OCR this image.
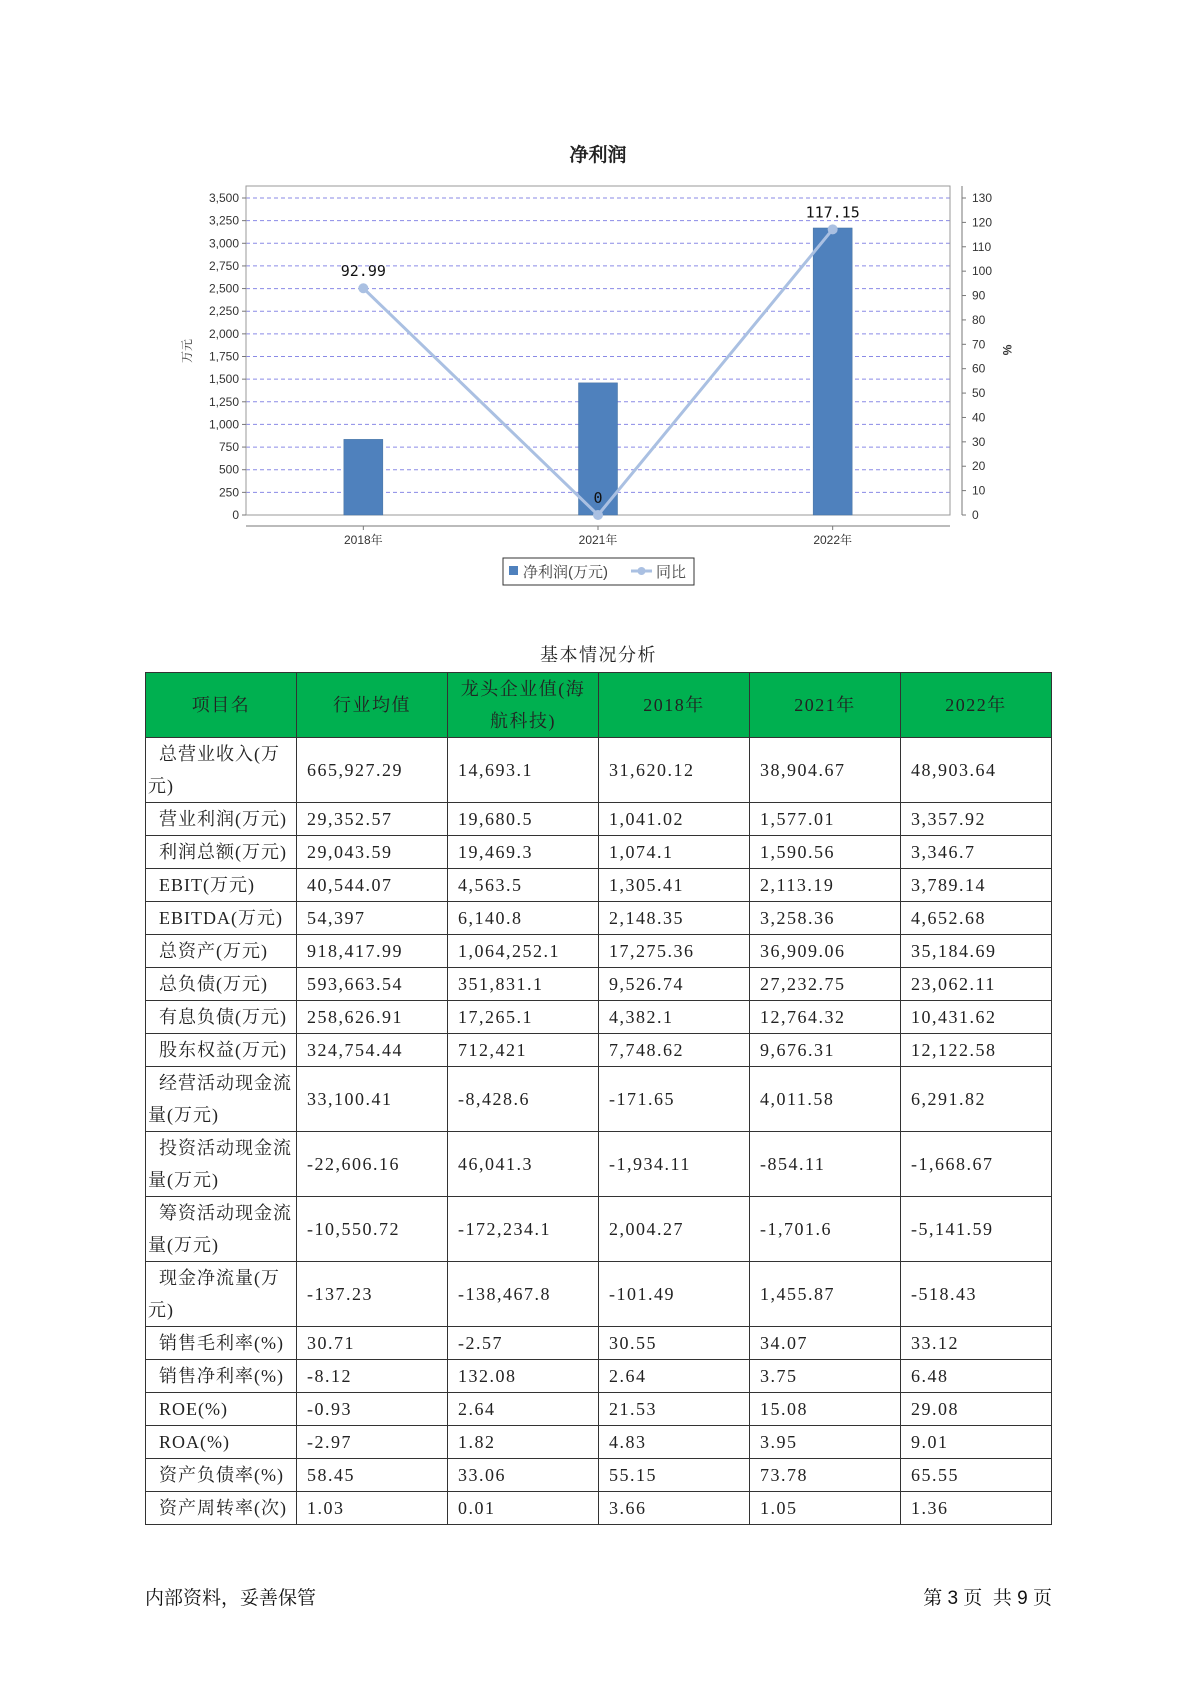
净利润
0
250
500
750
1,000
1,250
1,500
1,750
2,000
2,250
2,500
2,750
3,000
3,250
3,500
0
10
20
30
40
50
60
70
80
90
100
110
120
130
2018年	2021年	2022年
万元	%
92.99
0
117.15
净利润(万元)	同比
基本情况分析
项目名	行业均值	龙头企业值(海航科技)	2018年	2021年	2022年
总营业收入(万元)	665,927.29	14,693.1	31,620.12	38,904.67	48,903.64
营业利润(万元)	29,352.57	19,680.5	1,041.02	1,577.01	3,357.92
利润总额(万元)	29,043.59	19,469.3	1,074.1	1,590.56	3,346.7
EBIT(万元)	40,544.07	4,563.5	1,305.41	2,113.19	3,789.14
EBITDA(万元)	54,397	6,140.8	2,148.35	3,258.36	4,652.68
总资产(万元)	918,417.99	1,064,252.1	17,275.36	36,909.06	35,184.69
总负债(万元)	593,663.54	351,831.1	9,526.74	27,232.75	23,062.11
有息负债(万元)	258,626.91	17,265.1	4,382.1	12,764.32	10,431.62
股东权益(万元)	324,754.44	712,421	7,748.62	9,676.31	12,122.58
经营活动现金流量(万元)	33,100.41	-8,428.6	-171.65	4,011.58	6,291.82
投资活动现金流量(万元)	-22,606.16	46,041.3	-1,934.11	-854.11	-1,668.67
筹资活动现金流量(万元)	-10,550.72	-172,234.1	2,004.27	-1,701.6	-5,141.59
现金净流量(万元)	-137.23	-138,467.8	-101.49	1,455.87	-518.43
销售毛利率(%)	30.71	-2.57	30.55	34.07	33.12
销售净利率(%)	-8.12	132.08	2.64	3.75	6.48
ROE(%)	-0.93	2.64	21.53	15.08	29.08
ROA(%)	-2.97	1.82	4.83	3.95	9.01
资产负债率(%)	58.45	33.06	55.15	73.78	65.55
资产周转率(次)	1.03	0.01	3.66	1.05	1.36
内部资料，妥善保管	第 3 页  共 9 页
